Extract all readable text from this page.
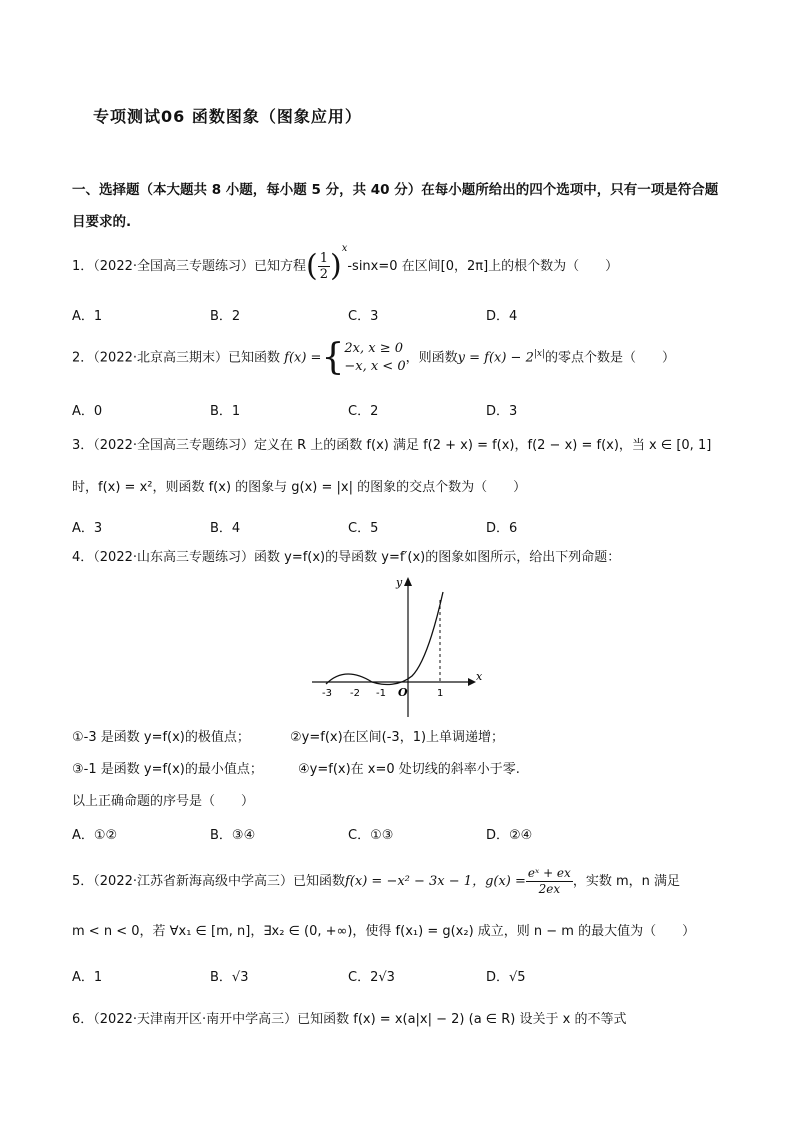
专项测试06 函数图象（图象应用）
一、选择题（本大题共 8 小题，每小题 5 分，共 40 分）在每小题所给出的四个选项中，只有一项是符合题
目要求的.
1．（2022·全国高三专题练习）已知方程( $\frac{1}{2} )^x-\sin x=0$ 在区间[0，2π]上的根个数为（　　）
A．1	B．2	C．3	D．4
2．（2022·北京高三期末）已知函数 f(x) ={ 2x, x ≥ 0
−x, x < 0
，则函数$y = f(x) - 2^{|x|}$的零点个数是（　　）
A．0	B．1	C．2	D．3
3．（2022·全国高三专题练习）定义在 R 上的函数 f(x) 满足 f(2 + x) = f(x)，f(2 − x) = f(x)，当 x ∈ [0, 1]
时，f(x) = x²，则函数 f(x) 的图象与 g(x) = |x| 的图象的交点个数为（　　）
A．3	B．4	C．5	D．6
4．（2022·山东高三专题练习）函数 y=f(x)的导函数 y=f′(x)的图象如图所示，给出下列命题：
x
y
O
-3 -2 -1	1
①-3 是函数 y=f(x)的极值点；	②y=f(x)在区间(-3，1)上单调递增；
③-1 是函数 y=f(x)的最小值点；	④y=f(x)在 x=0 处切线的斜率小于零.
以上正确命题的序号是（　　）
A．①②	B．③④	C．①③	D．②④
5．（2022·江苏省新海高级中学高三）已知函数f(x) = −x² − 3x − 1，$g(x) = \frac{\text{eˣ + ex}}{2ex}$ ，实数 m，n 满足
m < n < 0，若 ∀x₁ ∈ [m, n]，∃x₂ ∈ (0, +∞)，使得 f(x₁) = g(x₂) 成立，则 n − m 的最大值为（　　）
A．1	B．√3	C．2√3	D．√5
6．（2022·天津南开区·南开中学高三）已知函数 f(x) = x(a|x| − 2) (a ∈ R) 设关于 x 的不等式
